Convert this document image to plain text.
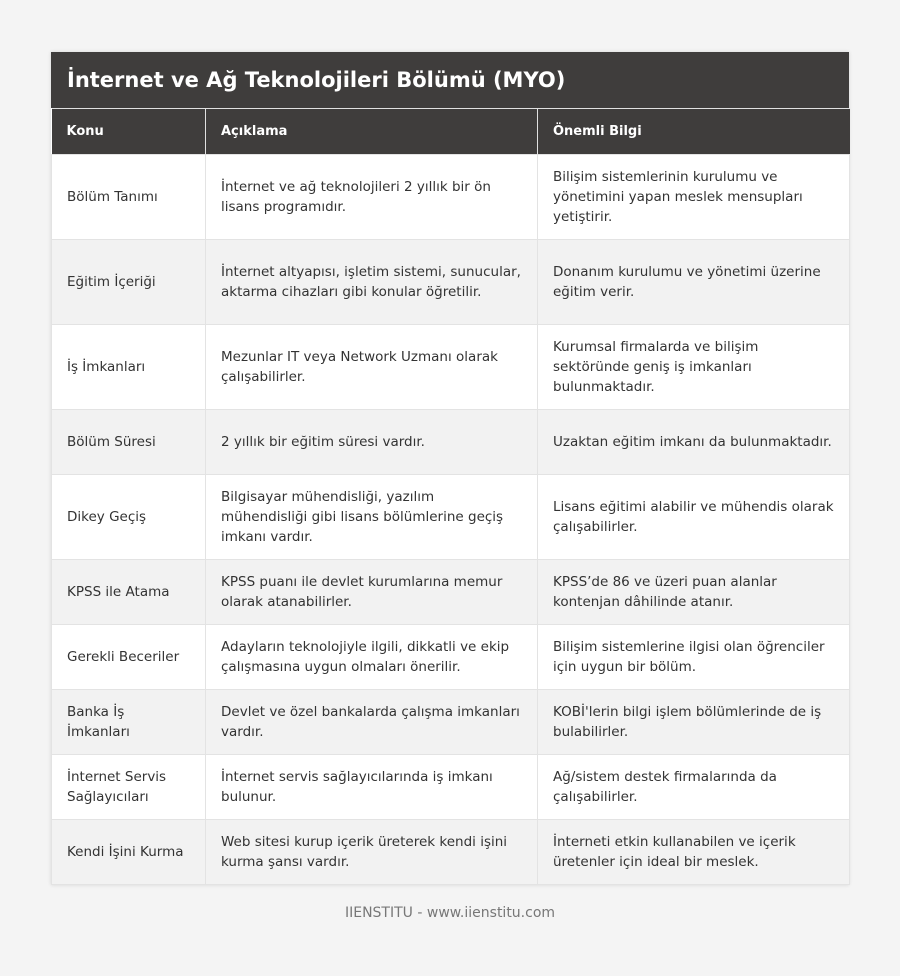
İnternet ve Ağ Teknolojileri Bölümü (MYO)
Konu	Açıklama	Önemli Bilgi
Bölüm Tanımı	İnternet ve ağ teknolojileri 2 yıllık bir ön lisans programıdır.	Bilişim sistemlerinin kurulumu ve yönetimini yapan meslek mensupları yetiştirir.
Eğitim İçeriği	İnternet altyapısı, işletim sistemi, sunucular, aktarma cihazları gibi konular öğretilir.	Donanım kurulumu ve yönetimi üzerine eğitim verir.
İş İmkanları	Mezunlar IT veya Network Uzmanı olarak çalışabilirler.	Kurumsal firmalarda ve bilişim sektöründe geniş iş imkanları bulunmaktadır.
Bölüm Süresi	2 yıllık bir eğitim süresi vardır.	Uzaktan eğitim imkanı da bulunmaktadır.
Dikey Geçiş	Bilgisayar mühendisliği, yazılım mühendisliği gibi lisans bölümlerine geçiş imkanı vardır.	Lisans eğitimi alabilir ve mühendis olarak çalışabilirler.
KPSS ile Atama	KPSS puanı ile devlet kurumlarına memur olarak atanabilirler.	KPSS’de 86 ve üzeri puan alanlar kontenjan dâhilinde atanır.
Gerekli Beceriler	Adayların teknolojiyle ilgili, dikkatli ve ekip çalışmasına uygun olmaları önerilir.	Bilişim sistemlerine ilgisi olan öğrenciler için uygun bir bölüm.
Banka İş İmkanları	Devlet ve özel bankalarda çalışma imkanları vardır.	KOBİ'lerin bilgi işlem bölümlerinde de iş bulabilirler.
İnternet Servis Sağlayıcıları	İnternet servis sağlayıcılarında iş imkanı bulunur.	Ağ/sistem destek firmalarında da çalışabilirler.
Kendi İşini Kurma	Web sitesi kurup içerik üreterek kendi işini kurma şansı vardır.	İnterneti etkin kullanabilen ve içerik üretenler için ideal bir meslek.
IIENSTITU - www.iienstitu.com
